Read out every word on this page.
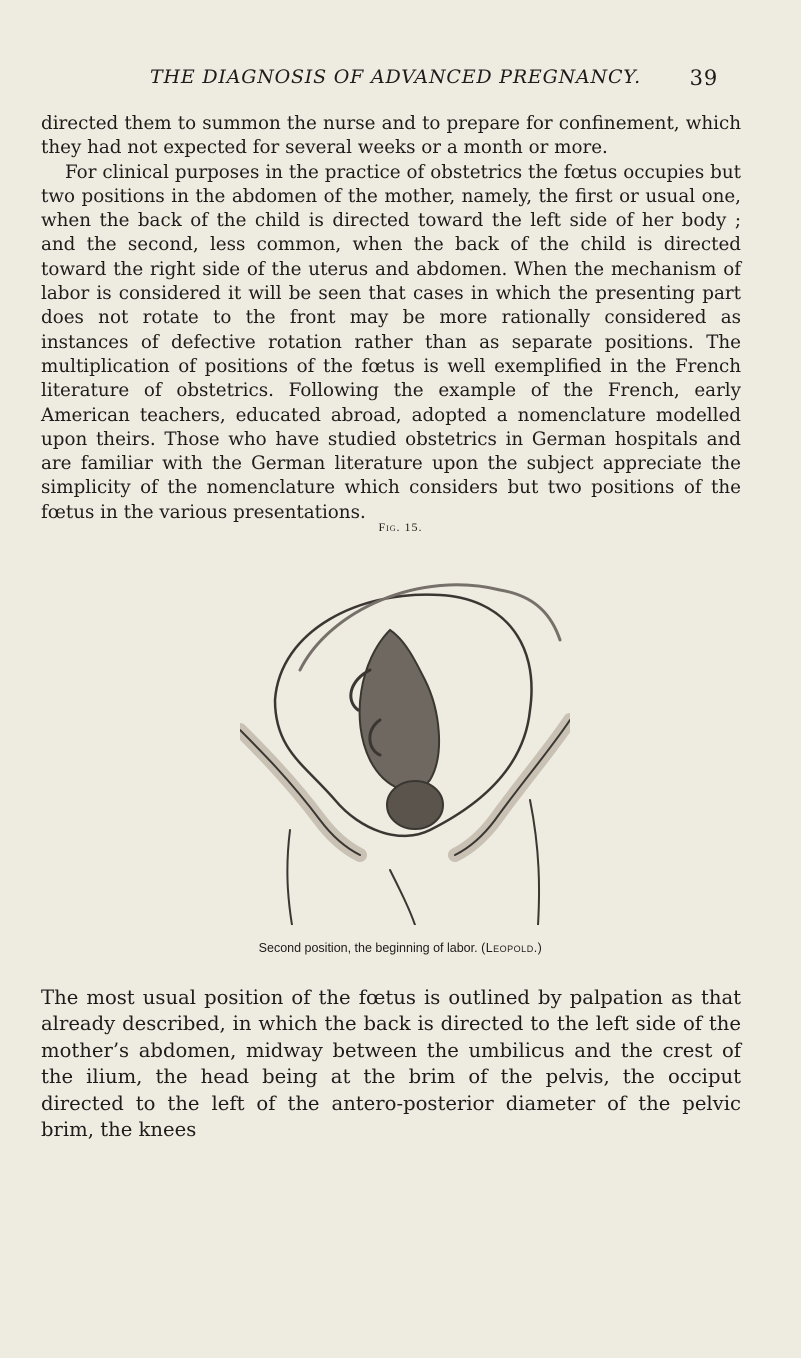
THE DIAGNOSIS OF ADVANCED PREGNANCY. 39

directed them to summon the nurse and to prepare for confinement, which they had not expected for several weeks or a month or more.

For clinical purposes in the practice of obstetrics the fœtus occupies but two positions in the abdomen of the mother, namely, the first or usual one, when the back of the child is directed toward the left side of her body ; and the second, less common, when the back of the child is directed toward the right side of the uterus and abdomen. When the mechanism of labor is considered it will be seen that cases in which the presenting part does not rotate to the front may be more rationally considered as instances of defective rotation rather than as separate positions. The multiplication of positions of the fœtus is well exemplified in the French literature of obstetrics. Following the example of the French, early American teachers, educated abroad, adopted a nomenclature modelled upon theirs. Those who have studied obstetrics in German hospitals and are familiar with the German literature upon the subject appreciate the simplicity of the nomenclature which considers but two positions of the fœtus in the various presentations.

Fig. 15.
Second position, the beginning of labor. (Leopold.)

The most usual position of the fœtus is outlined by palpation as that already described, in which the back is directed to the left side of the mother’s abdomen, midway between the umbilicus and the crest of the ilium, the head being at the brim of the pelvis, the occiput directed to the left of the antero-posterior diameter of the pelvic brim, the knees
